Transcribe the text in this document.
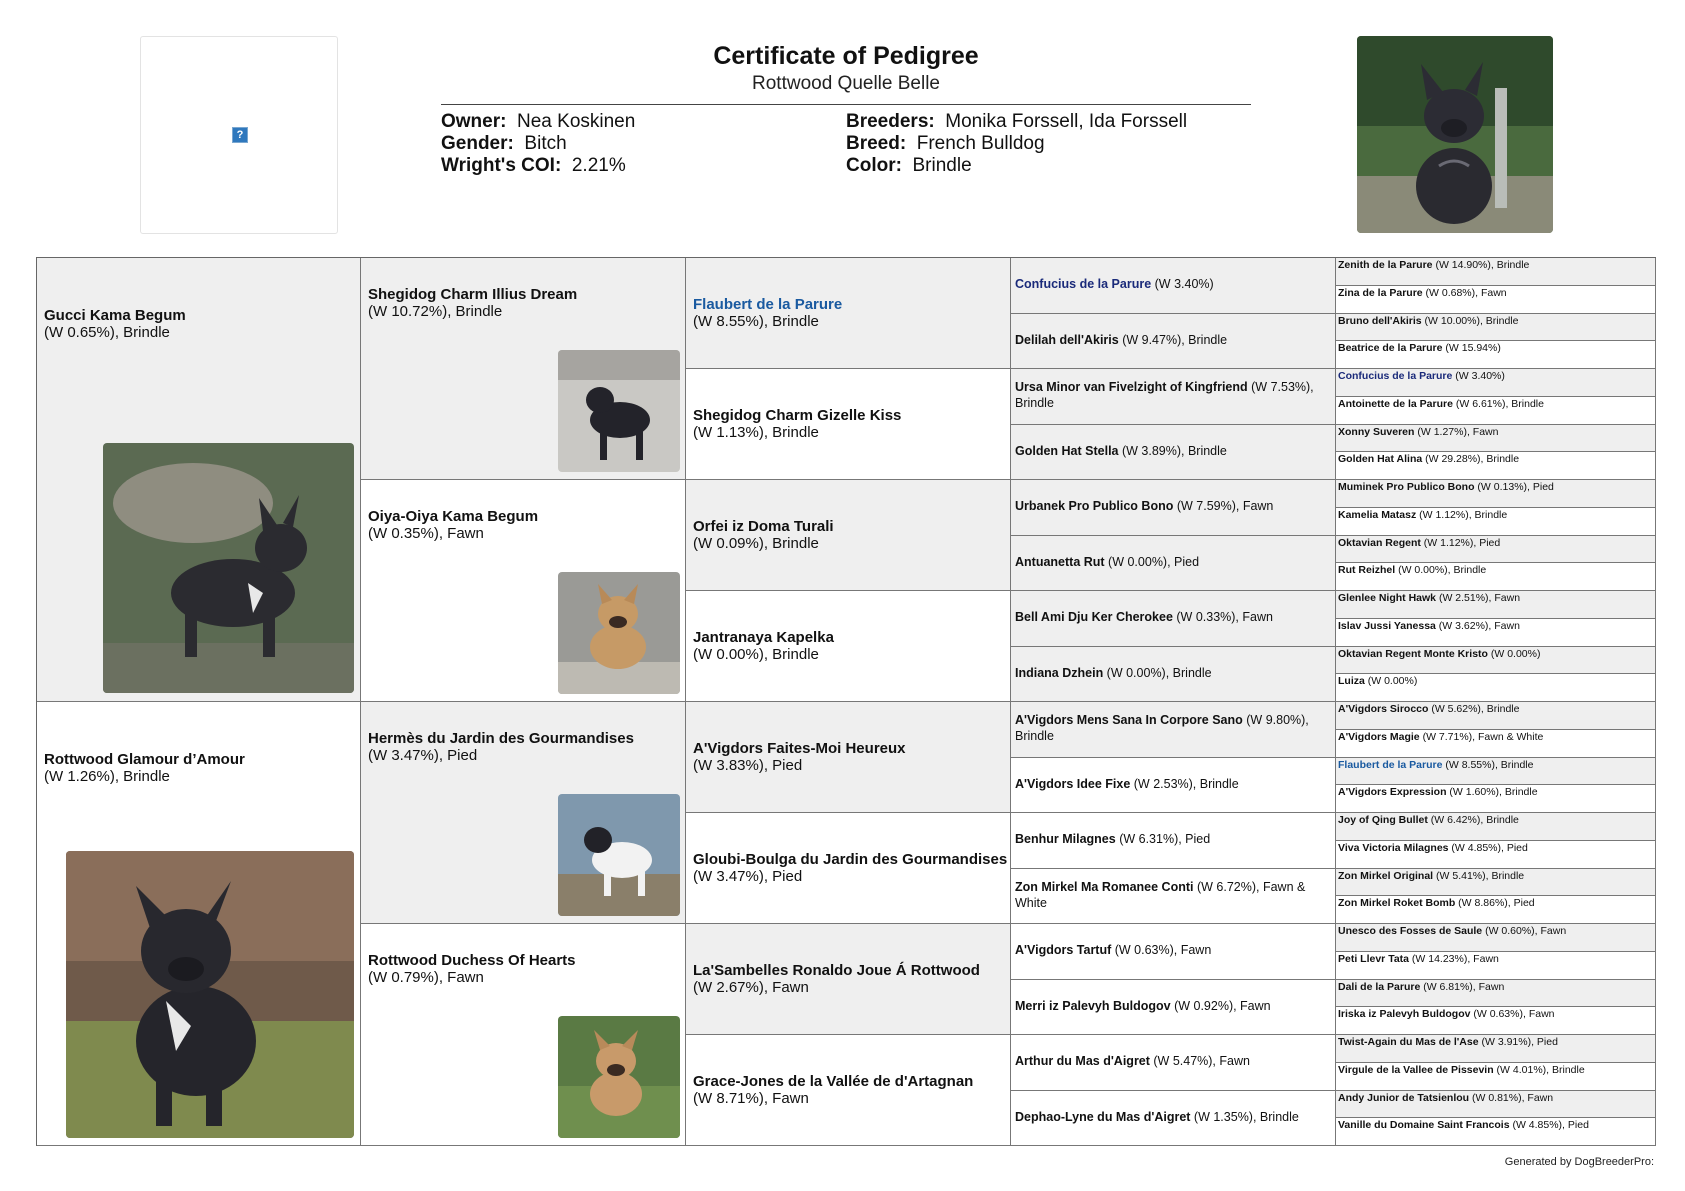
?
Certificate of Pedigree
Rottwood Quelle Belle
Owner: Nea Koskinen
Gender: Bitch
Wright's COI: 2.21%
Breeders: Monika Forssell, Ida Forssell
Breed: French Bulldog
Color: Brindle
Gucci Kama Begum
(W 0.65%), Brindle
Rottwood Glamour d’Amour
(W 1.26%), Brindle
Shegidog Charm Illius Dream
(W 10.72%), Brindle
Oiya-Oiya Kama Begum
(W 0.35%), Fawn
Hermès du Jardin des Gourmandises
(W 3.47%), Pied
Rottwood Duchess Of Hearts
(W 0.79%), Fawn
Flaubert de la Parure
(W 8.55%), Brindle
Shegidog Charm Gizelle Kiss
(W 1.13%), Brindle
Orfei iz Doma Turali
(W 0.09%), Brindle
Jantranaya Kapelka
(W 0.00%), Brindle
A'Vigdors Faites-Moi Heureux
(W 3.83%), Pied
Gloubi-Boulga du Jardin des Gourmandises
(W 3.47%), Pied
La'Sambelles Ronaldo Joue Á Rottwood
(W 2.67%), Fawn
Grace-Jones de la Vallée de d'Artagnan
(W 8.71%), Fawn
Confucius de la Parure (W 3.40%)
Delilah dell'Akiris (W 9.47%), Brindle
Ursa Minor van Fivelzight of Kingfriend (W 7.53%), Brindle
Golden Hat Stella (W 3.89%), Brindle
Urbanek Pro Publico Bono (W 7.59%), Fawn
Antuanetta Rut (W 0.00%), Pied
Bell Ami Dju Ker Cherokee (W 0.33%), Fawn
Indiana Dzhein (W 0.00%), Brindle
A'Vigdors Mens Sana In Corpore Sano (W 9.80%), Brindle
A'Vigdors Idee Fixe (W 2.53%), Brindle
Benhur Milagnes (W 6.31%), Pied
Zon Mirkel Ma Romanee Conti (W 6.72%), Fawn & White
A'Vigdors Tartuf (W 0.63%), Fawn
Merri iz Palevyh Buldogov (W 0.92%), Fawn
Arthur du Mas d'Aigret (W 5.47%), Fawn
Dephao-Lyne du Mas d'Aigret (W 1.35%), Brindle
Zenith de la Parure (W 14.90%), Brindle
Zina de la Parure (W 0.68%), Fawn
Bruno dell'Akiris (W 10.00%), Brindle
Beatrice de la Parure (W 15.94%)
Confucius de la Parure (W 3.40%)
Antoinette de la Parure (W 6.61%), Brindle
Xonny Suveren (W 1.27%), Fawn
Golden Hat Alina (W 29.28%), Brindle
Muminek Pro Publico Bono (W 0.13%), Pied
Kamelia Matasz (W 1.12%), Brindle
Oktavian Regent (W 1.12%), Pied
Rut Reizhel (W 0.00%), Brindle
Glenlee Night Hawk (W 2.51%), Fawn
Islav Jussi Yanessa (W 3.62%), Fawn
Oktavian Regent Monte Kristo (W 0.00%)
Luiza (W 0.00%)
A'Vigdors Sirocco (W 5.62%), Brindle
A'Vigdors Magie (W 7.71%), Fawn & White
Flaubert de la Parure (W 8.55%), Brindle
A'Vigdors Expression (W 1.60%), Brindle
Joy of Qing Bullet (W 6.42%), Brindle
Viva Victoria Milagnes (W 4.85%), Pied
Zon Mirkel Original (W 5.41%), Brindle
Zon Mirkel Roket Bomb (W 8.86%), Pied
Unesco des Fosses de Saule (W 0.60%), Fawn
Peti Llevr Tata (W 14.23%), Fawn
Dali de la Parure (W 6.81%), Fawn
Iriska iz Palevyh Buldogov (W 0.63%), Fawn
Twist-Again du Mas de l'Ase (W 3.91%), Pied
Virgule de la Vallee de Pissevin (W 4.01%), Brindle
Andy Junior de Tatsienlou (W 0.81%), Fawn
Vanille du Domaine Saint Francois (W 4.85%), Pied
Generated by DogBreederPro:
